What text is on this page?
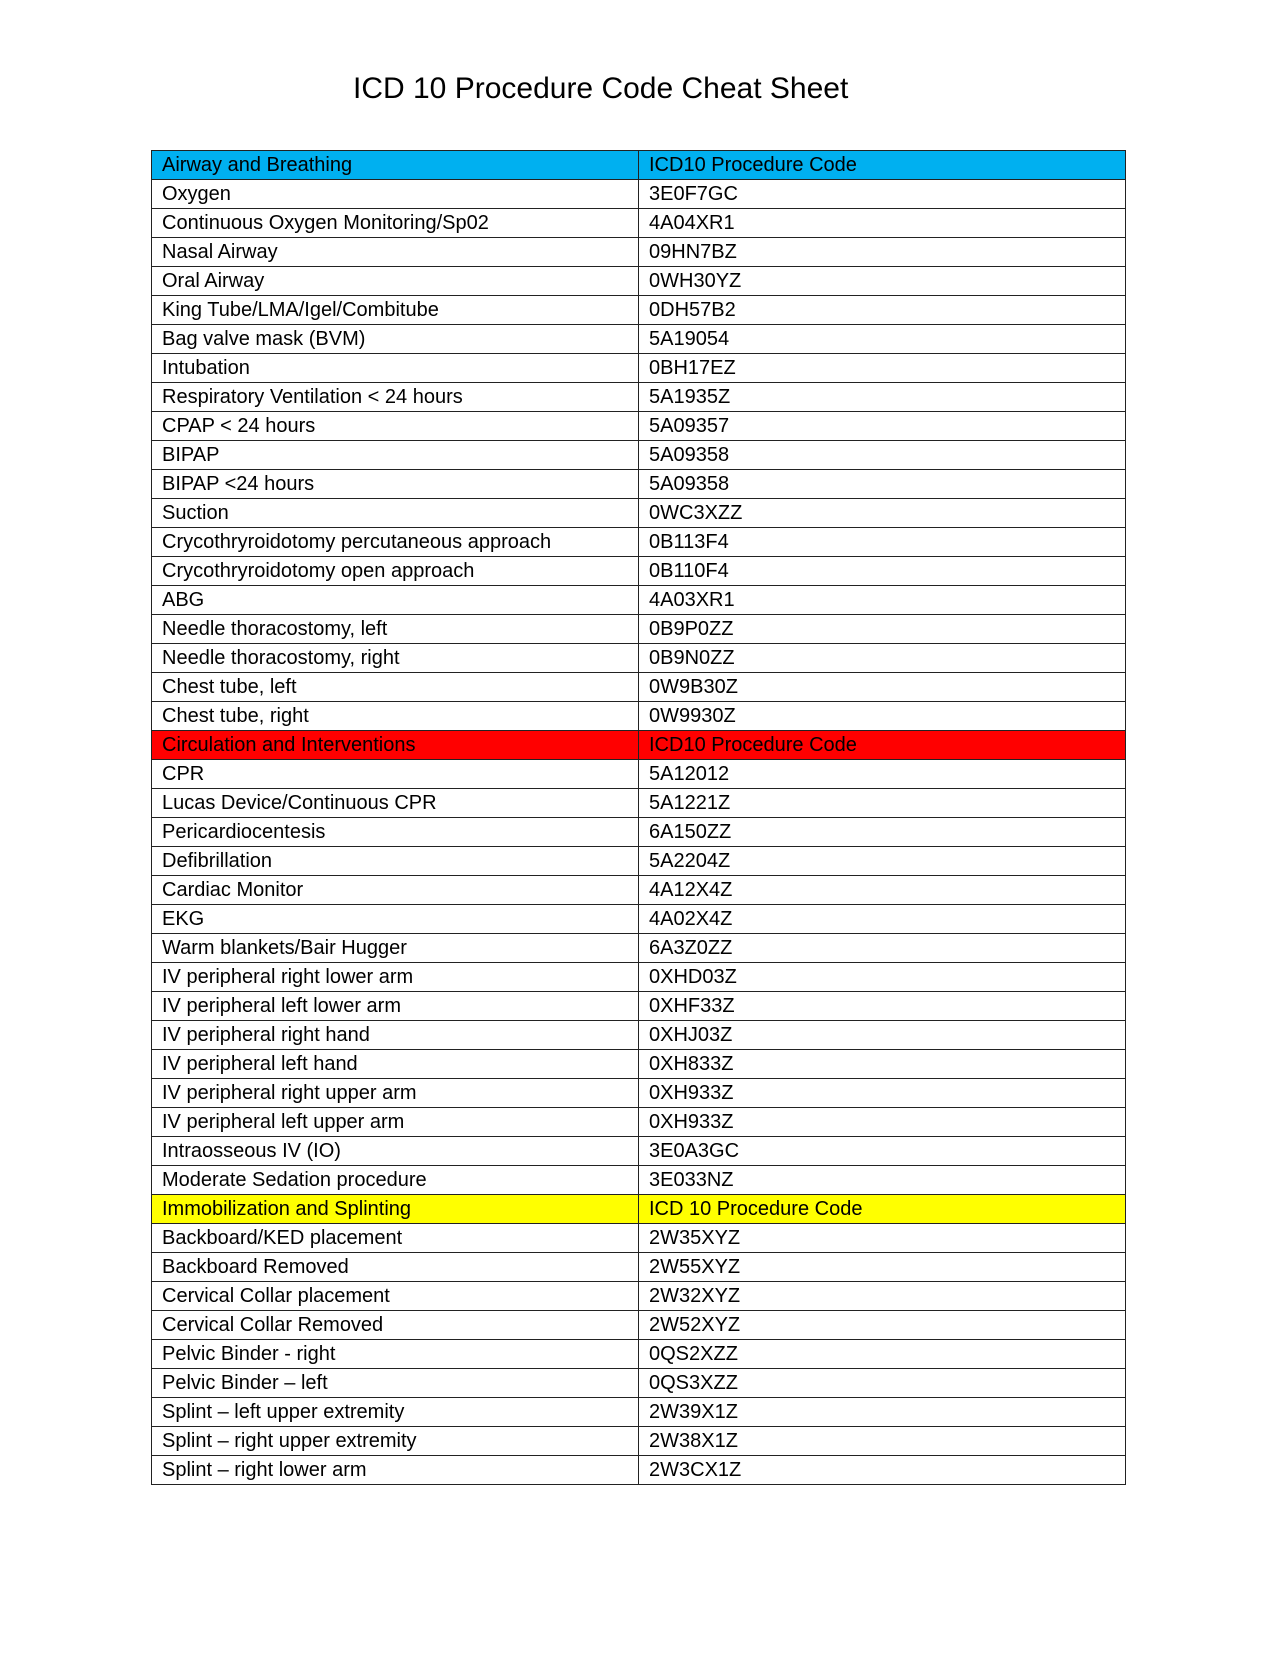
ICD 10 Procedure Code Cheat Sheet
Airway and Breathing	ICD10 Procedure Code
Oxygen	3E0F7GC
Continuous Oxygen Monitoring/Sp02	4A04XR1
Nasal Airway	09HN7BZ
Oral Airway	0WH30YZ
King Tube/LMA/Igel/Combitube	0DH57B2
Bag valve mask (BVM)	5A19054
Intubation	0BH17EZ
Respiratory Ventilation < 24 hours	5A1935Z
CPAP < 24 hours	5A09357
BIPAP	5A09358
BIPAP <24 hours	5A09358
Suction	0WC3XZZ
Crycothryroidotomy percutaneous approach	0B113F4
Crycothryroidotomy open approach	0B110F4
ABG	4A03XR1
Needle thoracostomy, left	0B9P0ZZ
Needle thoracostomy, right	0B9N0ZZ
Chest tube, left	0W9B30Z
Chest tube, right	0W9930Z
Circulation and Interventions	ICD10 Procedure Code
CPR	5A12012
Lucas Device/Continuous CPR	5A1221Z
Pericardiocentesis	6A150ZZ
Defibrillation	5A2204Z
Cardiac Monitor	4A12X4Z
EKG	4A02X4Z
Warm blankets/Bair Hugger	6A3Z0ZZ
IV peripheral right lower arm	0XHD03Z
IV peripheral left lower arm	0XHF33Z
IV peripheral right hand	0XHJ03Z
IV peripheral left hand	0XH833Z
IV peripheral right upper arm	0XH933Z
IV peripheral left upper arm	0XH933Z
Intraosseous IV (IO)	3E0A3GC
Moderate Sedation procedure	3E033NZ
Immobilization and Splinting	ICD 10 Procedure Code
Backboard/KED placement	2W35XYZ
Backboard Removed	2W55XYZ
Cervical Collar placement	2W32XYZ
Cervical Collar Removed	2W52XYZ
Pelvic Binder - right	0QS2XZZ
Pelvic Binder – left	0QS3XZZ
Splint – left upper extremity	2W39X1Z
Splint – right upper extremity	2W38X1Z
Splint – right lower arm	2W3CX1Z
